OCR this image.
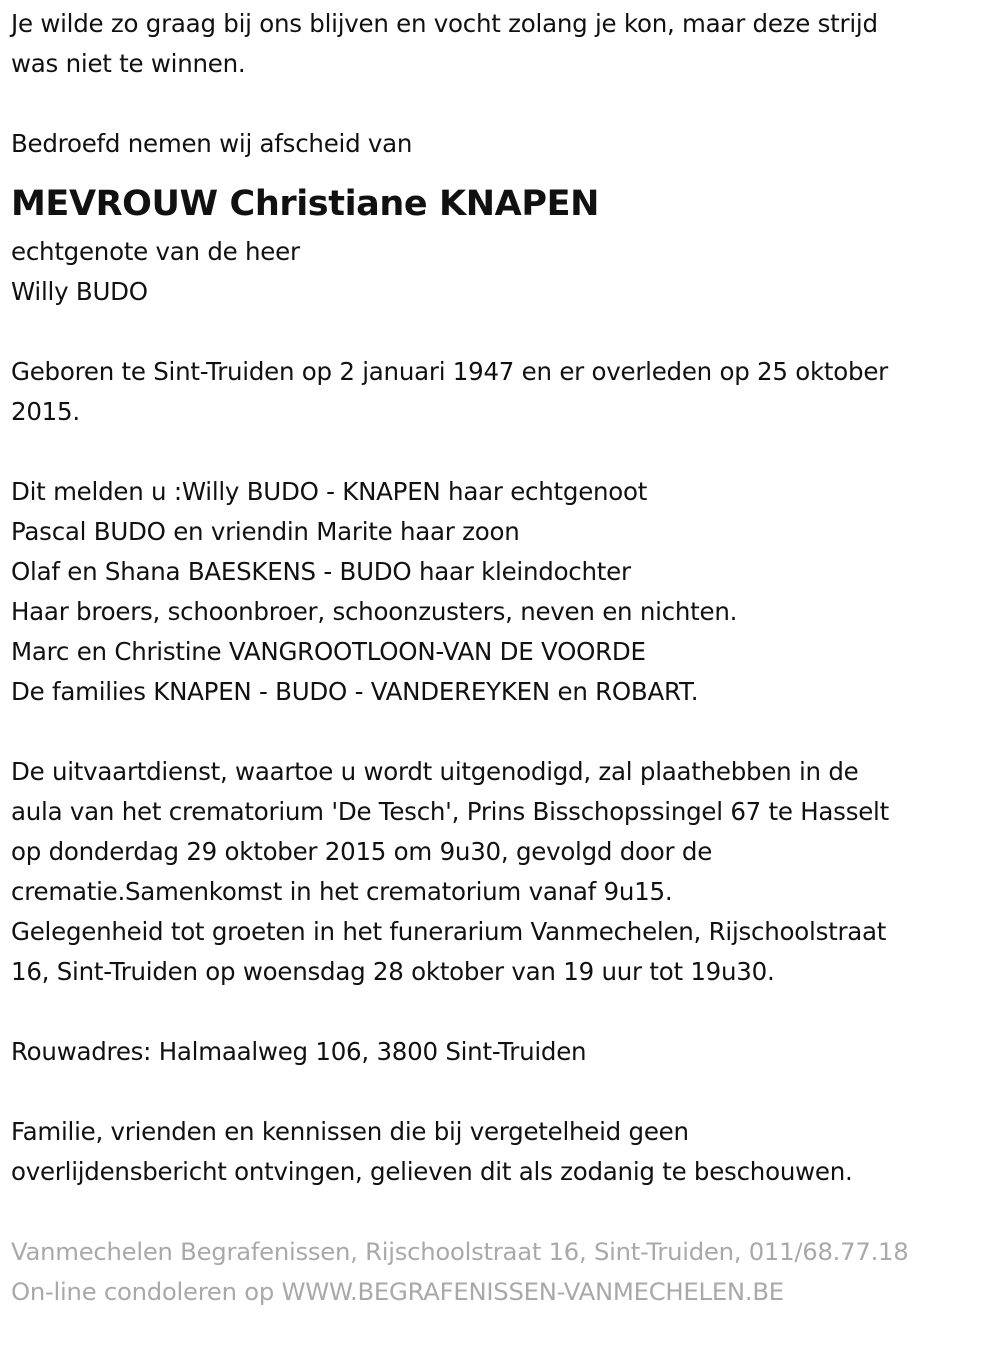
Je wilde zo graag bij ons blijven en vocht zolang je kon, maar deze strijd
was niet te winnen.
Bedroefd nemen wij afscheid van
MEVROUW Christiane KNAPEN
echtgenote van de heer
Willy BUDO
Geboren te Sint-Truiden op 2 januari 1947 en er overleden op 25 oktober
2015.
Dit melden u :Willy BUDO - KNAPEN haar echtgenoot
Pascal BUDO en vriendin Marite haar zoon
Olaf en Shana BAESKENS - BUDO haar kleindochter
Haar broers, schoonbroer, schoonzusters, neven en nichten.
Marc en Christine VANGROOTLOON-VAN DE VOORDE
De families KNAPEN - BUDO - VANDEREYKEN en ROBART.
De uitvaartdienst, waartoe u wordt uitgenodigd, zal plaathebben in de
aula van het crematorium 'De Tesch', Prins Bisschopssingel 67 te Hasselt
op donderdag 29 oktober 2015 om 9u30, gevolgd door de
crematie.Samenkomst in het crematorium vanaf 9u15.
Gelegenheid tot groeten in het funerarium Vanmechelen, Rijschoolstraat
16, Sint-Truiden op woensdag 28 oktober van 19 uur tot 19u30.
Rouwadres: Halmaalweg 106, 3800 Sint-Truiden
Familie, vrienden en kennissen die bij vergetelheid geen
overlijdensbericht ontvingen, gelieven dit als zodanig te beschouwen.
Vanmechelen Begrafenissen, Rijschoolstraat 16, Sint-Truiden, 011/68.77.18
On-line condoleren op WWW.BEGRAFENISSEN-VANMECHELEN.BE
